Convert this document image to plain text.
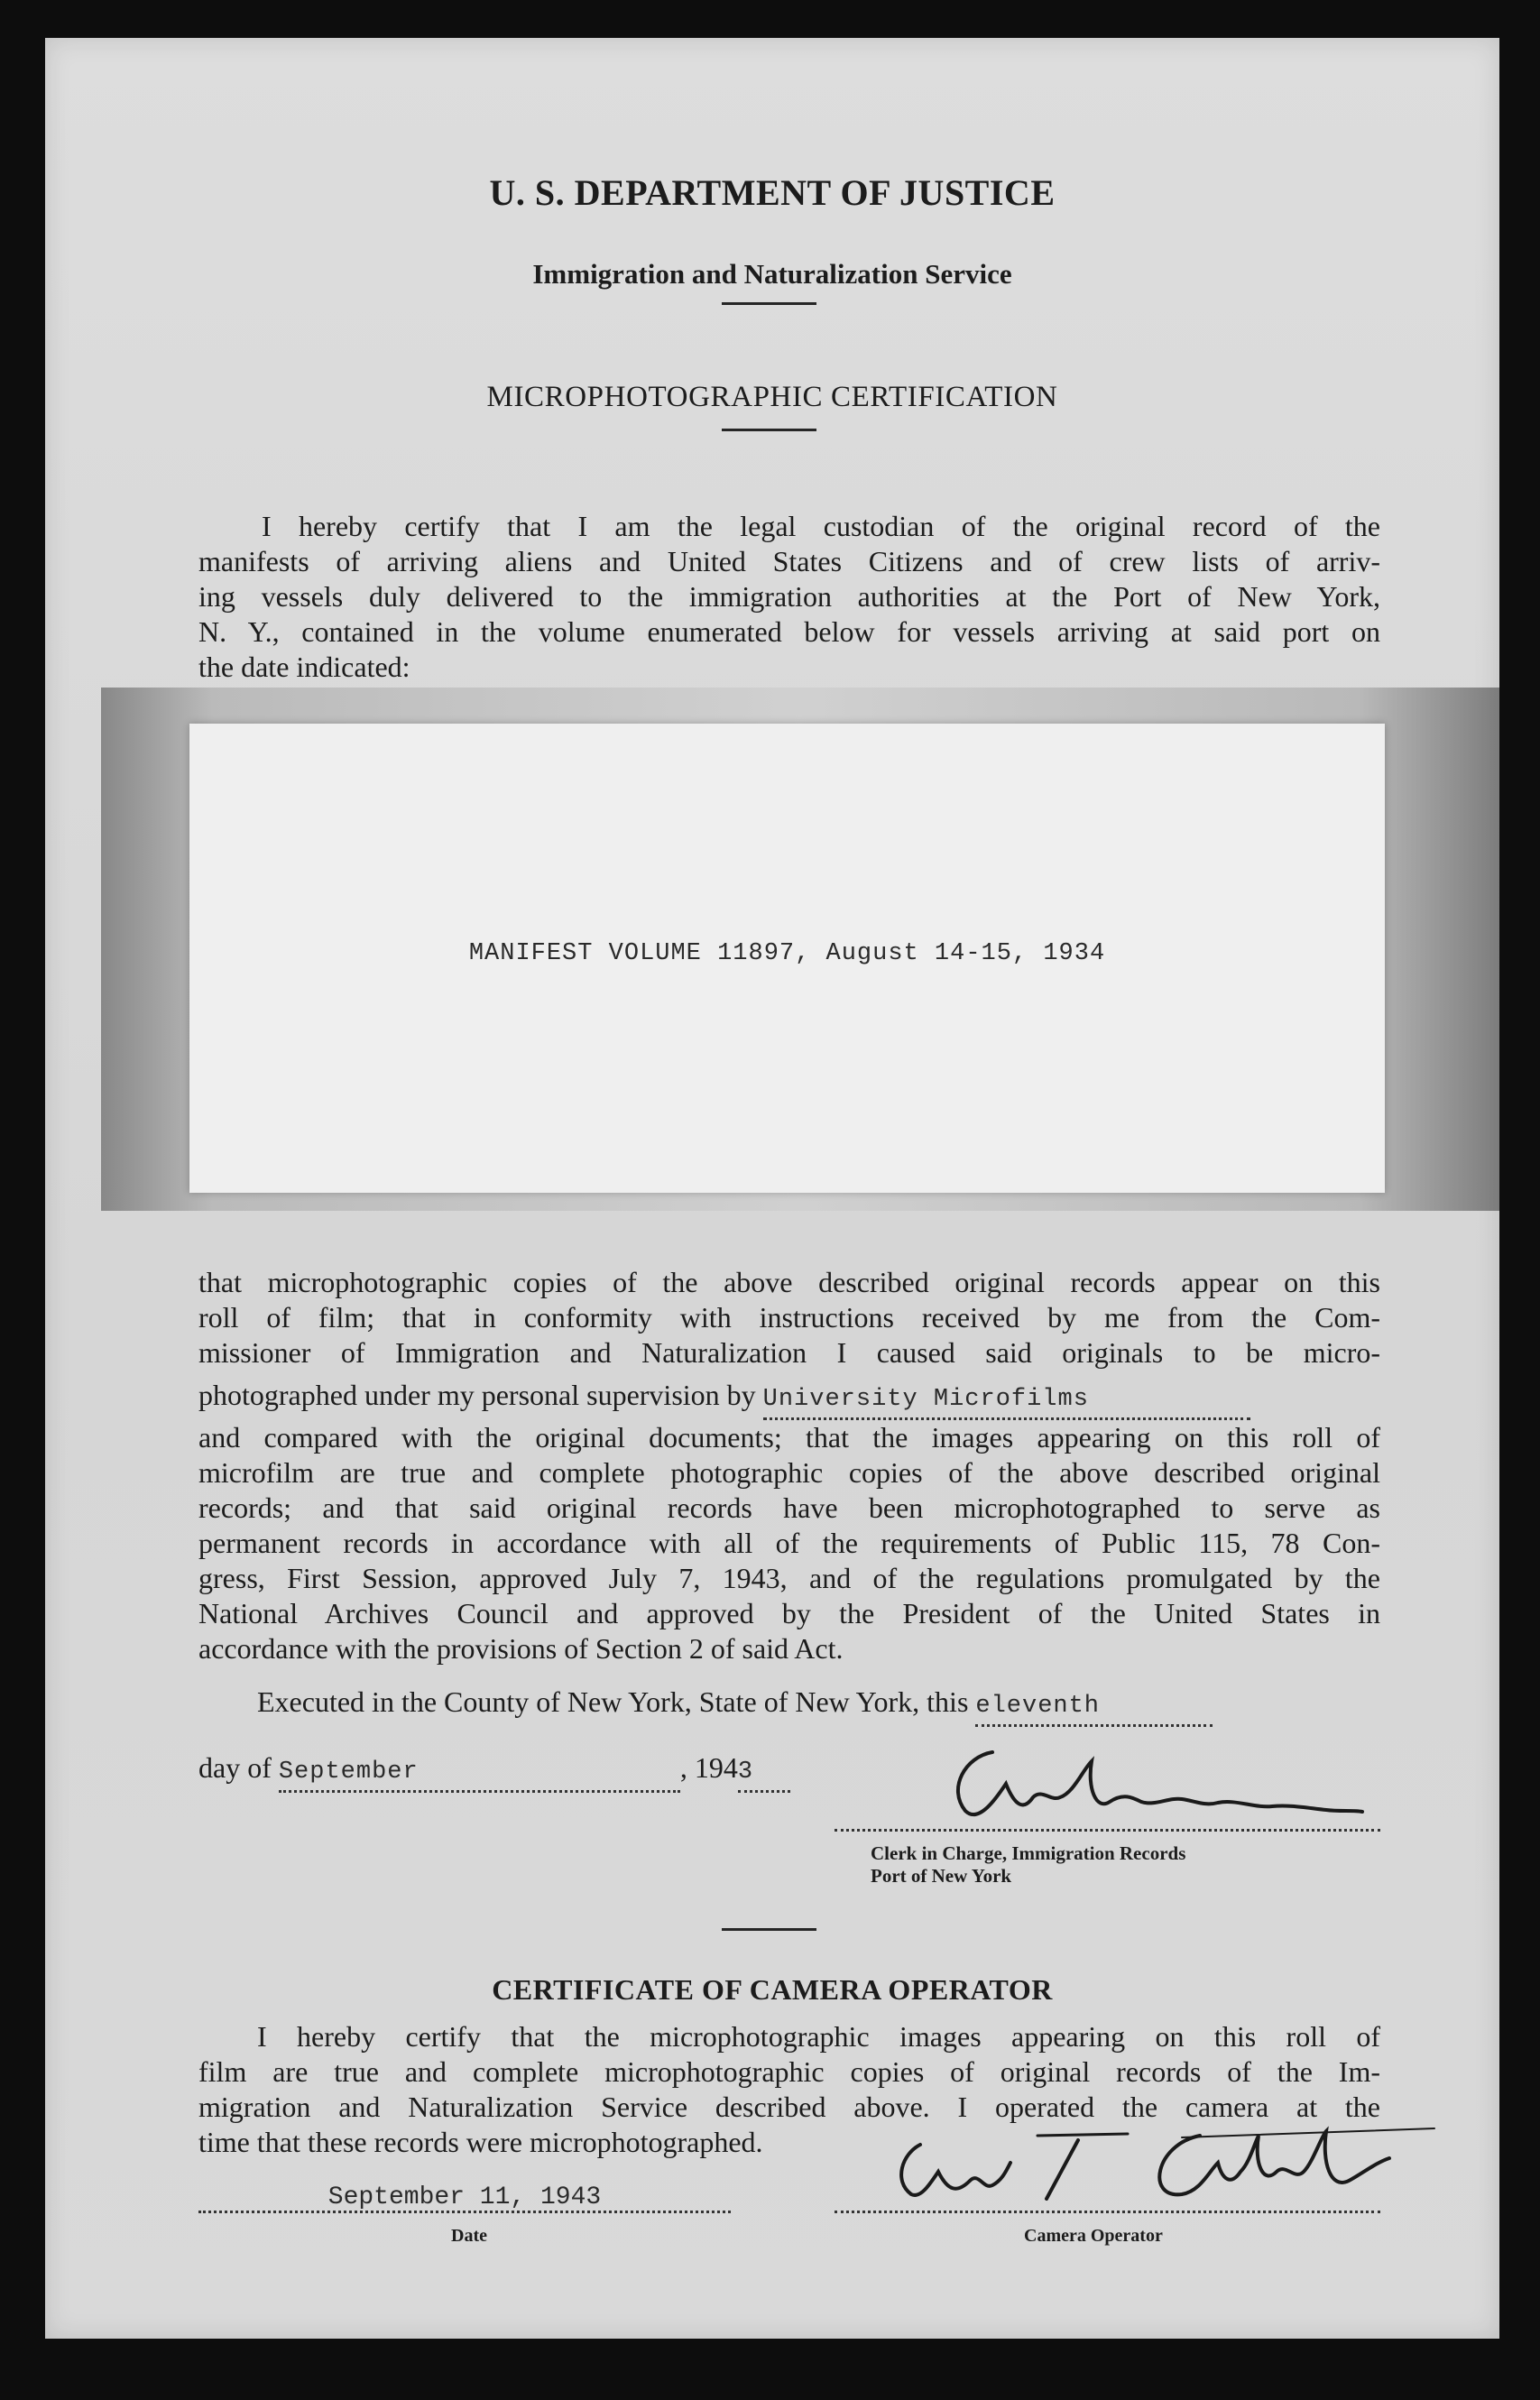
U. S. DEPARTMENT OF JUSTICE
Immigration and Naturalization Service
MICROPHOTOGRAPHIC CERTIFICATION
I hereby certify that I am the legal custodian of the original record of the
manifests of arriving aliens and United States Citizens and of crew lists of arriv-
ing vessels duly delivered to the immigration authorities at the Port of New York,
N. Y., contained in the volume enumerated below for vessels arriving at said port on
the date indicated:
MANIFEST VOLUME 11897, August 14-15, 1934
that microphotographic copies of the above described original records appear on this
roll of film; that in conformity with instructions received by me from the Com-
missioner of Immigration and Naturalization I caused said originals to be micro-
photographed under my personal supervision by University Microfilms
and compared with the original documents; that the images appearing on this roll of
microfilm are true and complete photographic copies of the above described original
records; and that said original records have been microphotographed to serve as
permanent records in accordance with all of the requirements of Public 115, 78 Con-
gress, First Session, approved July 7, 1943, and of the regulations promulgated by the
National Archives Council and approved by the President of the United States in
accordance with the provisions of Section 2 of said Act.
Executed in the County of New York, State of New York, this eleventh
day of September	, 1943
Clerk in Charge, Immigration Records
Port of New York
CERTIFICATE OF CAMERA OPERATOR
I hereby certify that the microphotographic images appearing on this roll of
film are true and complete microphotographic copies of original records of the Im-
migration and Naturalization Service described above. I operated the camera at the
time that these records were microphotographed.
September 11, 1943
Date	Camera Operator
